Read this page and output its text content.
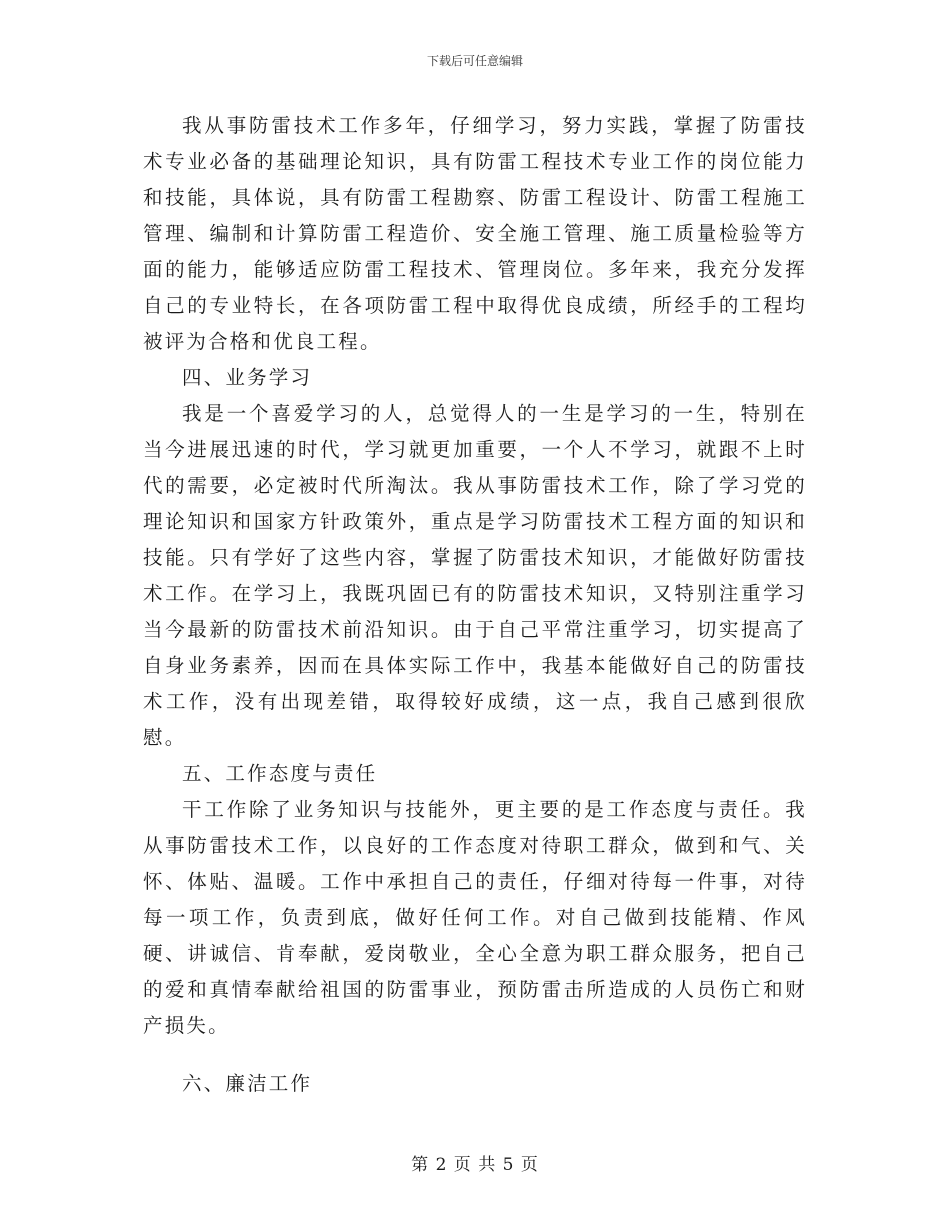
下载后可任意编辑

我从事防雷技术工作多年，仔细学习，努力实践，掌握了防雷技术专业必备的基础理论知识，具有防雷工程技术专业工作的岗位能力和技能，具体说，具有防雷工程勘察、防雷工程设计、防雷工程施工管理、编制和计算防雷工程造价、安全施工管理、施工质量检验等方面的能力，能够适应防雷工程技术、管理岗位。多年来，我充分发挥自己的专业特长，在各项防雷工程中取得优良成绩，所经手的工程均被评为合格和优良工程。

四、业务学习

我是一个喜爱学习的人，总觉得人的一生是学习的一生，特别在当今进展迅速的时代，学习就更加重要，一个人不学习，就跟不上时代的需要，必定被时代所淘汰。我从事防雷技术工作，除了学习党的理论知识和国家方针政策外，重点是学习防雷技术工程方面的知识和技能。只有学好了这些内容，掌握了防雷技术知识，才能做好防雷技术工作。在学习上，我既巩固已有的防雷技术知识，又特别注重学习当今最新的防雷技术前沿知识。由于自己平常注重学习，切实提高了自身业务素养，因而在具体实际工作中，我基本能做好自己的防雷技术工作，没有出现差错，取得较好成绩，这一点，我自己感到很欣慰。

五、工作态度与责任

干工作除了业务知识与技能外，更主要的是工作态度与责任。我从事防雷技术工作，以良好的工作态度对待职工群众，做到和气、关怀、体贴、温暖。工作中承担自己的责任，仔细对待每一件事，对待每一项工作，负责到底，做好任何工作。对自己做到技能精、作风硬、讲诚信、肯奉献，爱岗敬业，全心全意为职工群众服务，把自己的爱和真情奉献给祖国的防雷事业，预防雷击所造成的人员伤亡和财产损失。

六、廉洁工作

第 2 页 共 5 页
